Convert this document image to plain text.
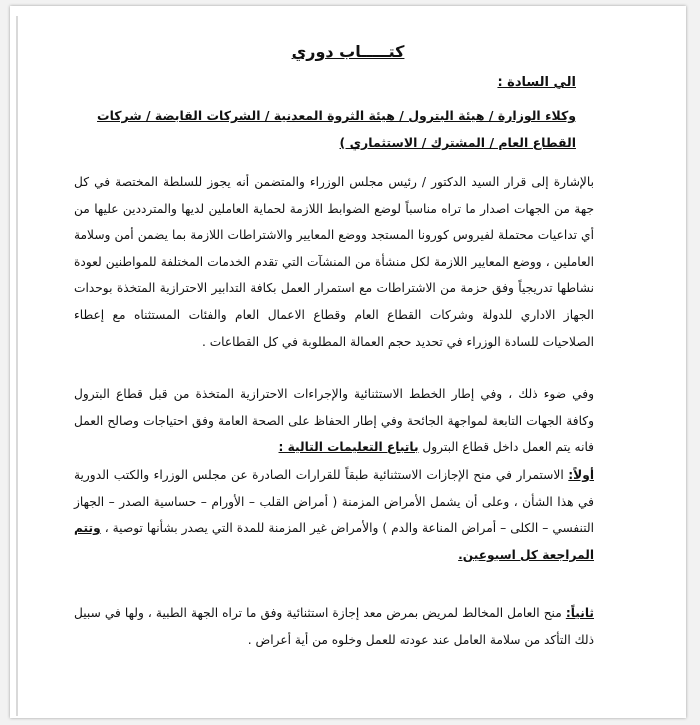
كتـــــاب دوري
الي السادة :
وكلاء الوزارة / هيئة البترول / هيئة الثروة المعدنية / الشركات القابضة / شركات القطاع العام / المشترك / الاستثماري )
بالإشارة إلى قرار السيد الدكتور / رئيس مجلس الوزراء والمتضمن أنه يجوز للسلطة المختصة في كل جهة من الجهات اصدار ما تراه مناسباً لوضع الضوابط اللازمة لحماية العاملين لديها والمترددين عليها من أي تداعيات محتملة لفيروس كورونا المستجد ووضع المعايير والاشتراطات اللازمة بما يضمن أمن وسلامة العاملين ، ووضع المعايير اللازمة لكل منشأة من المنشآت التي تقدم الخدمات المختلفة للمواطنين لعودة نشاطها تدريجياً وفق حزمة من الاشتراطات مع استمرار العمل بكافة التدابير الاحترازية المتخذة بوحدات الجهاز الاداري للدولة وشركات القطاع العام وقطاع الاعمال العام والفئات المستثناه مع إعطاء الصلاحيات للسادة الوزراء في تحديد حجم العمالة المطلوبة في كل القطاعات .
وفي ضوء ذلك ، وفي إطار الخطط الاستثنائية والإجراءات الاحترازية المتخذة من قبل قطاع البترول وكافة الجهات التابعة لمواجهة الجائحة وفي إطار الحفاظ على الصحة العامة وفق احتياجات وصالح العمل فانه يتم العمل داخل قطاع البترول باتباع التعليمات التالية :
أولاً: الاستمرار في منح الإجازات الاستثنائية طبقاً للقرارات الصادرة عن مجلس الوزراء والكتب الدورية في هذا الشأن ، وعلى أن يشمل الأمراض المزمنة ( أمراض القلب – الأورام – حساسية الصدر – الجهاز التنفسي – الكلى – أمراض المناعة والدم ) والأمراض غير المزمنة للمدة التي يصدر بشأنها توصية ، وتتم المراجعة كل اسبوعين.
ثانياً: منح العامل المخالط لمريض بمرض معد إجازة استثنائية وفق ما تراه الجهة الطبية ، ولها في سبيل ذلك التأكد من سلامة العامل عند عودته للعمل وخلوه من أية أعراض .
